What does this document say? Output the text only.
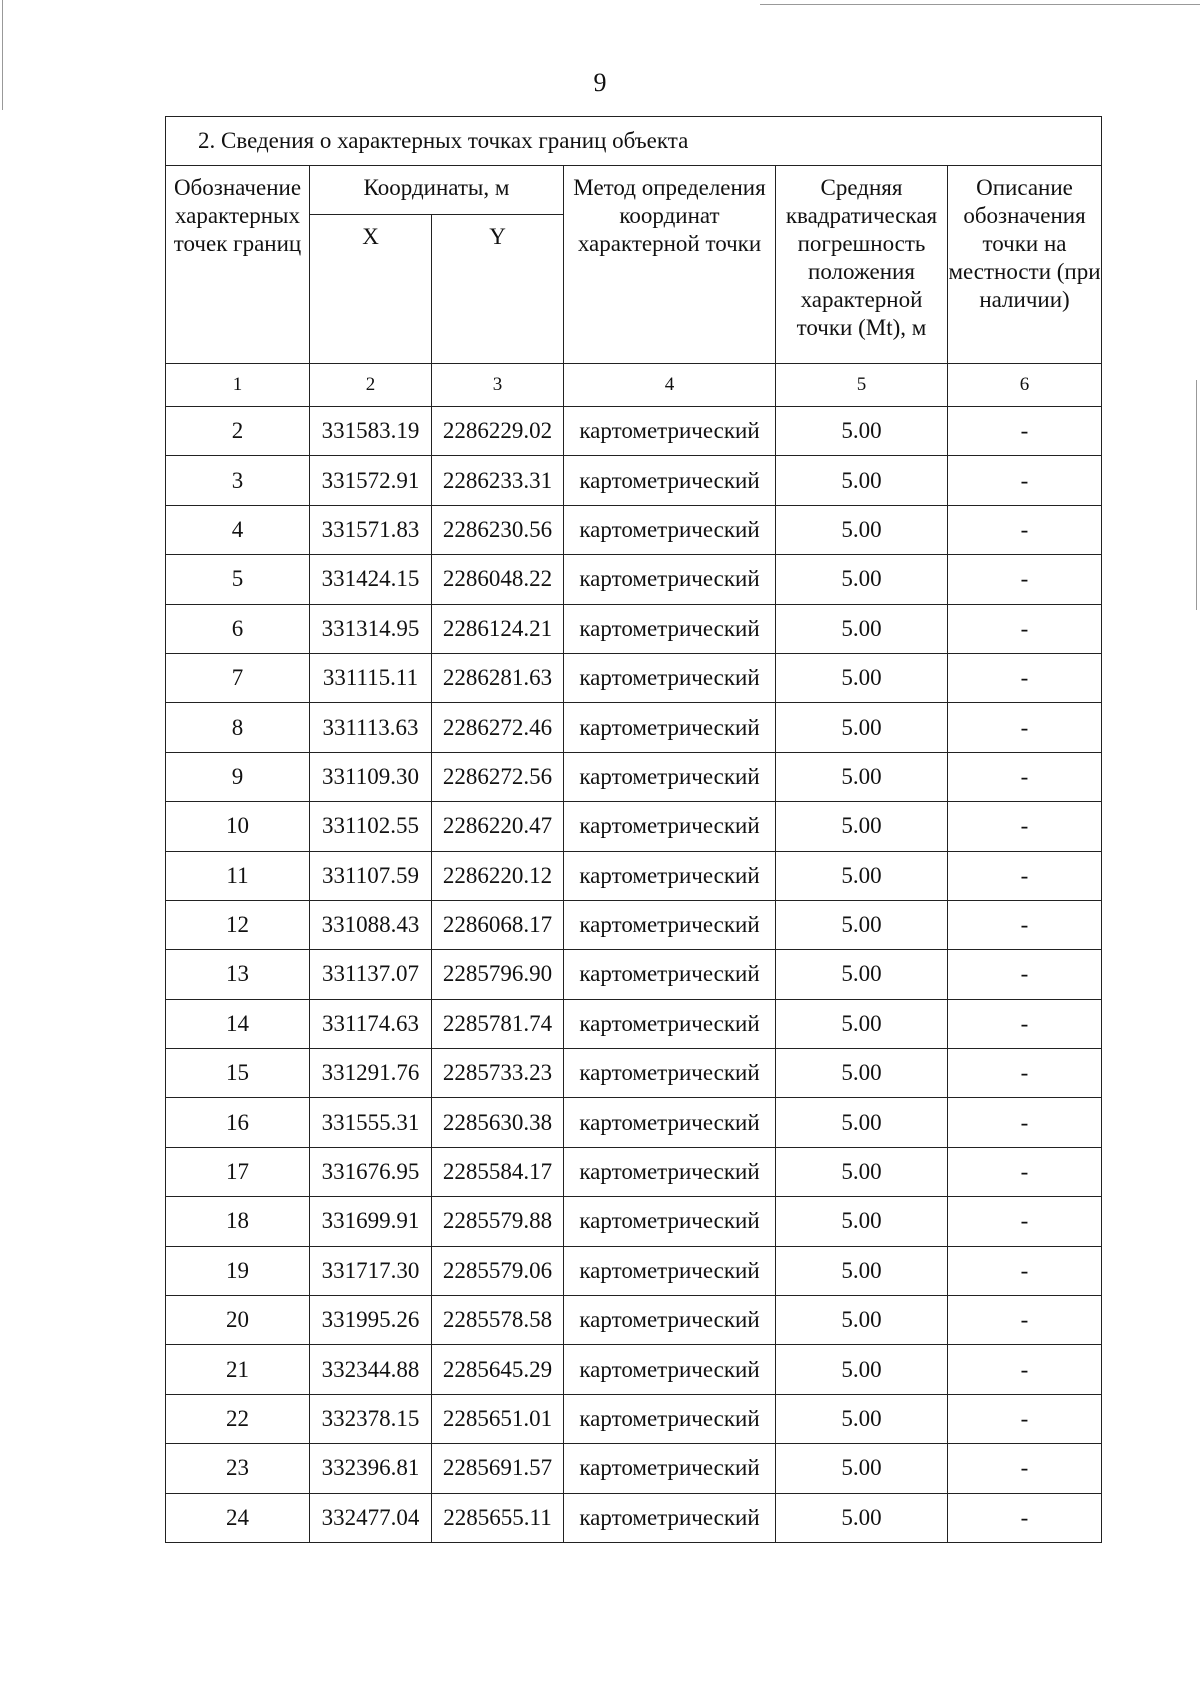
9
2. Сведения о характерных точках границ объекта					
Обозначение характерных точек границ	Координаты, м		Метод определения координат характерной точки	Средняя квадратическая погрешность положения характерной точки (Mt), м	Описание обозначения точки на местности (при наличии)
	X	Y			
1	2	3	4	5	6
2	331583.19	2286229.02	картометрический	5.00	-
3	331572.91	2286233.31	картометрический	5.00	-
4	331571.83	2286230.56	картометрический	5.00	-
5	331424.15	2286048.22	картометрический	5.00	-
6	331314.95	2286124.21	картометрический	5.00	-
7	331115.11	2286281.63	картометрический	5.00	-
8	331113.63	2286272.46	картометрический	5.00	-
9	331109.30	2286272.56	картометрический	5.00	-
10	331102.55	2286220.47	картометрический	5.00	-
11	331107.59	2286220.12	картометрический	5.00	-
12	331088.43	2286068.17	картометрический	5.00	-
13	331137.07	2285796.90	картометрический	5.00	-
14	331174.63	2285781.74	картометрический	5.00	-
15	331291.76	2285733.23	картометрический	5.00	-
16	331555.31	2285630.38	картометрический	5.00	-
17	331676.95	2285584.17	картометрический	5.00	-
18	331699.91	2285579.88	картометрический	5.00	-
19	331717.30	2285579.06	картометрический	5.00	-
20	331995.26	2285578.58	картометрический	5.00	-
21	332344.88	2285645.29	картометрический	5.00	-
22	332378.15	2285651.01	картометрический	5.00	-
23	332396.81	2285691.57	картометрический	5.00	-
24	332477.04	2285655.11	картометрический	5.00	-
